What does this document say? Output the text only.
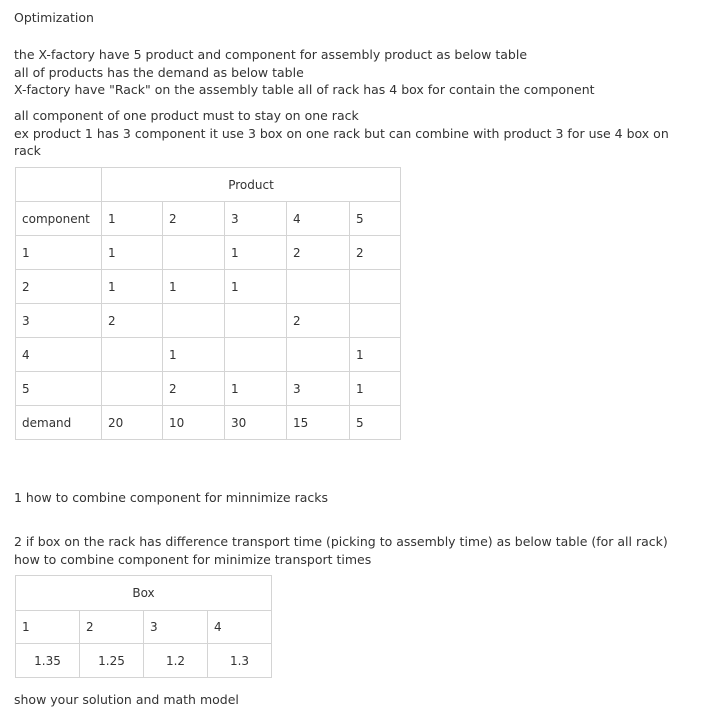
Optimization

the X-factory have 5 product and component for assembly product as below table

all of products has the demand as below table

X-factory have "Rack" on the assembly table all of rack has 4 box for contain the component

all component of one product must to stay on one rack

ex product 1 has 3 component it use 3 box on one rack but can combine with product 3 for use 4 box on rack

	Product				
component	1	2	3	4	5
1	1		1	2	2
2	1	1	1		
3	2			2	
4		1			1
5		2	1	3	1
demand	20	10	30	15	5
1 how to combine component for minnimize racks
2 if box on the rack has difference transport time (picking to assembly time) as below table (for all rack) how to combine component for minimize transport times
Box			
1	2	3	4
1.35	1.25	1.2	1.3
show your solution and math model
